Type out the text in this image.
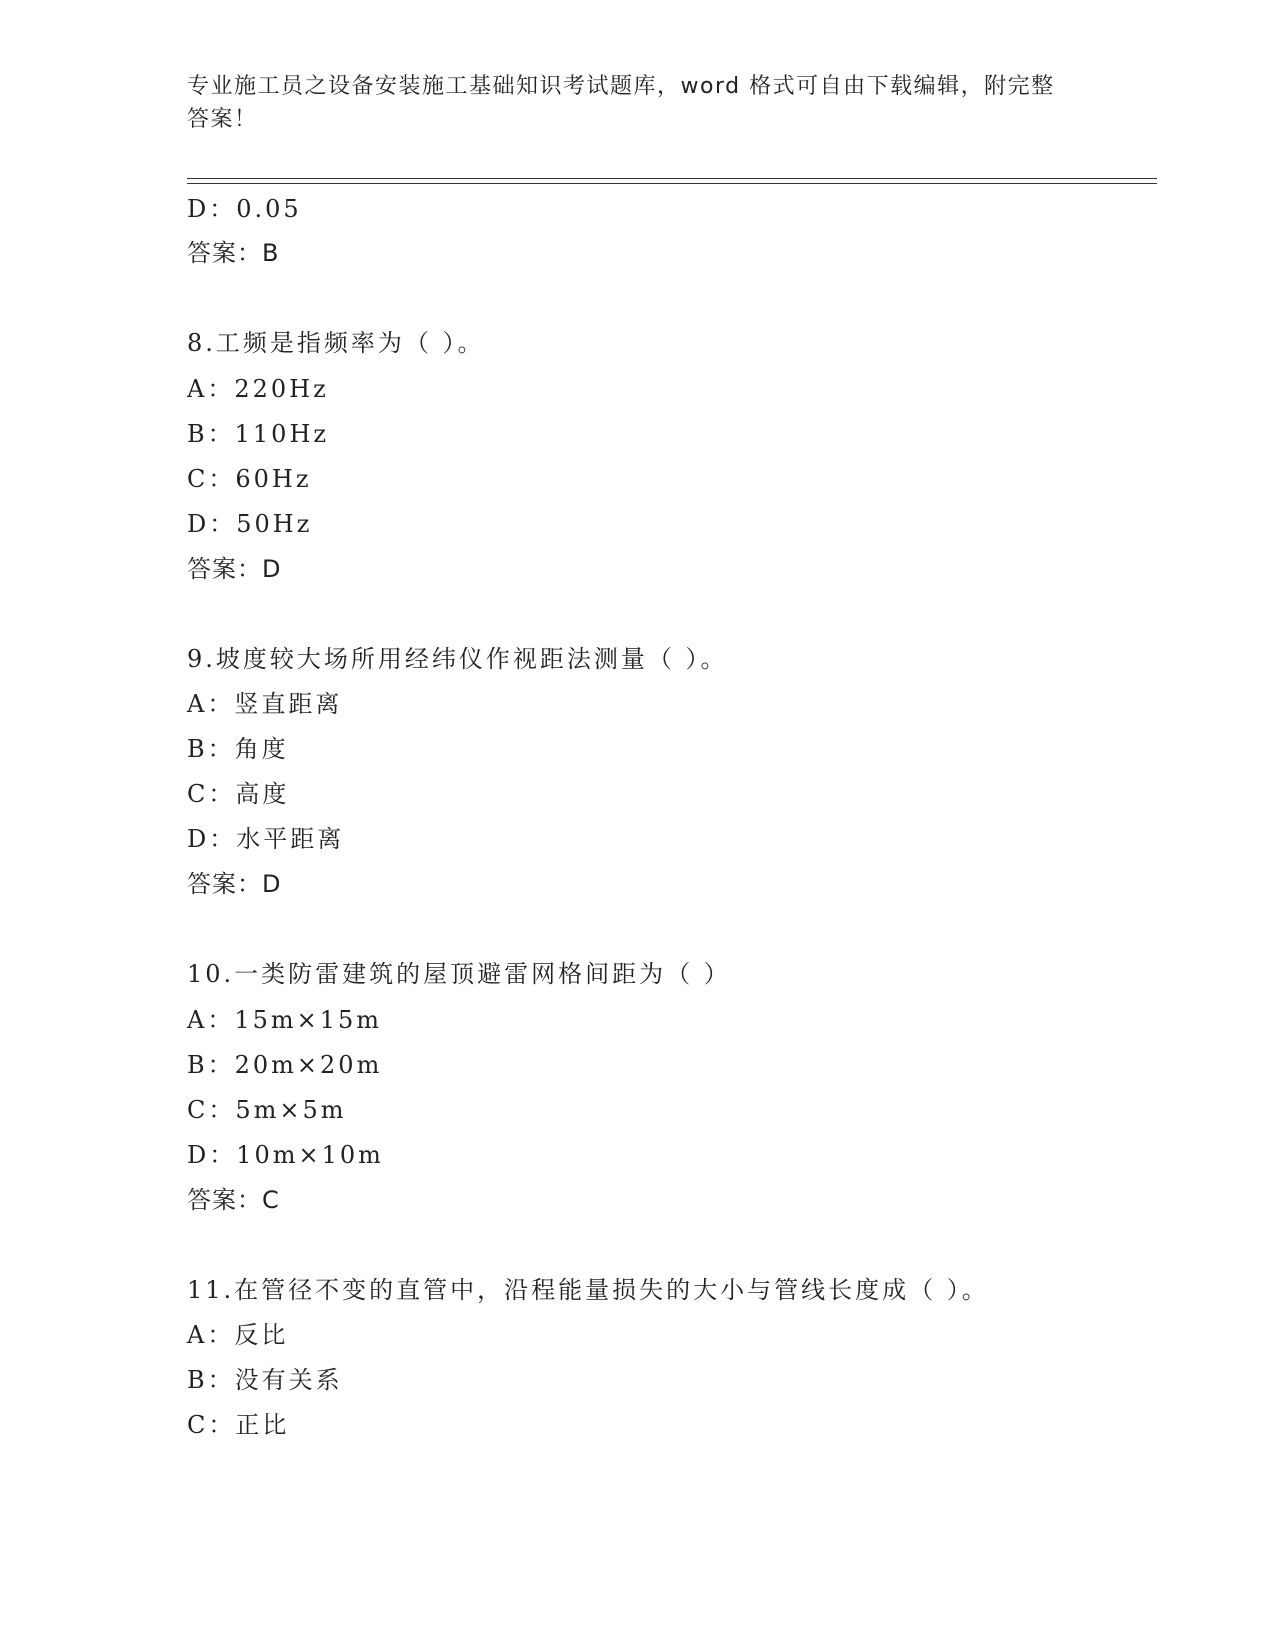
专业施工员之设备安装施工基础知识考试题库，word 格式可自由下载编辑，附完整答案！
D：0.05
答案：B
8.工频是指频率为（ ）。
A：220Hz
B：110Hz
C：60Hz
D：50Hz
答案：D
9.坡度较大场所用经纬仪作视距法测量（ ）。
A：竖直距离
B：角度
C：高度
D：水平距离
答案：D
10.一类防雷建筑的屋顶避雷网格间距为（ ）
A：15m×15m
B：20m×20m
C：5m×5m
D：10m×10m
答案：C
11.在管径不变的直管中，沿程能量损失的大小与管线长度成（ ）。
A：反比
B：没有关系
C：正比
